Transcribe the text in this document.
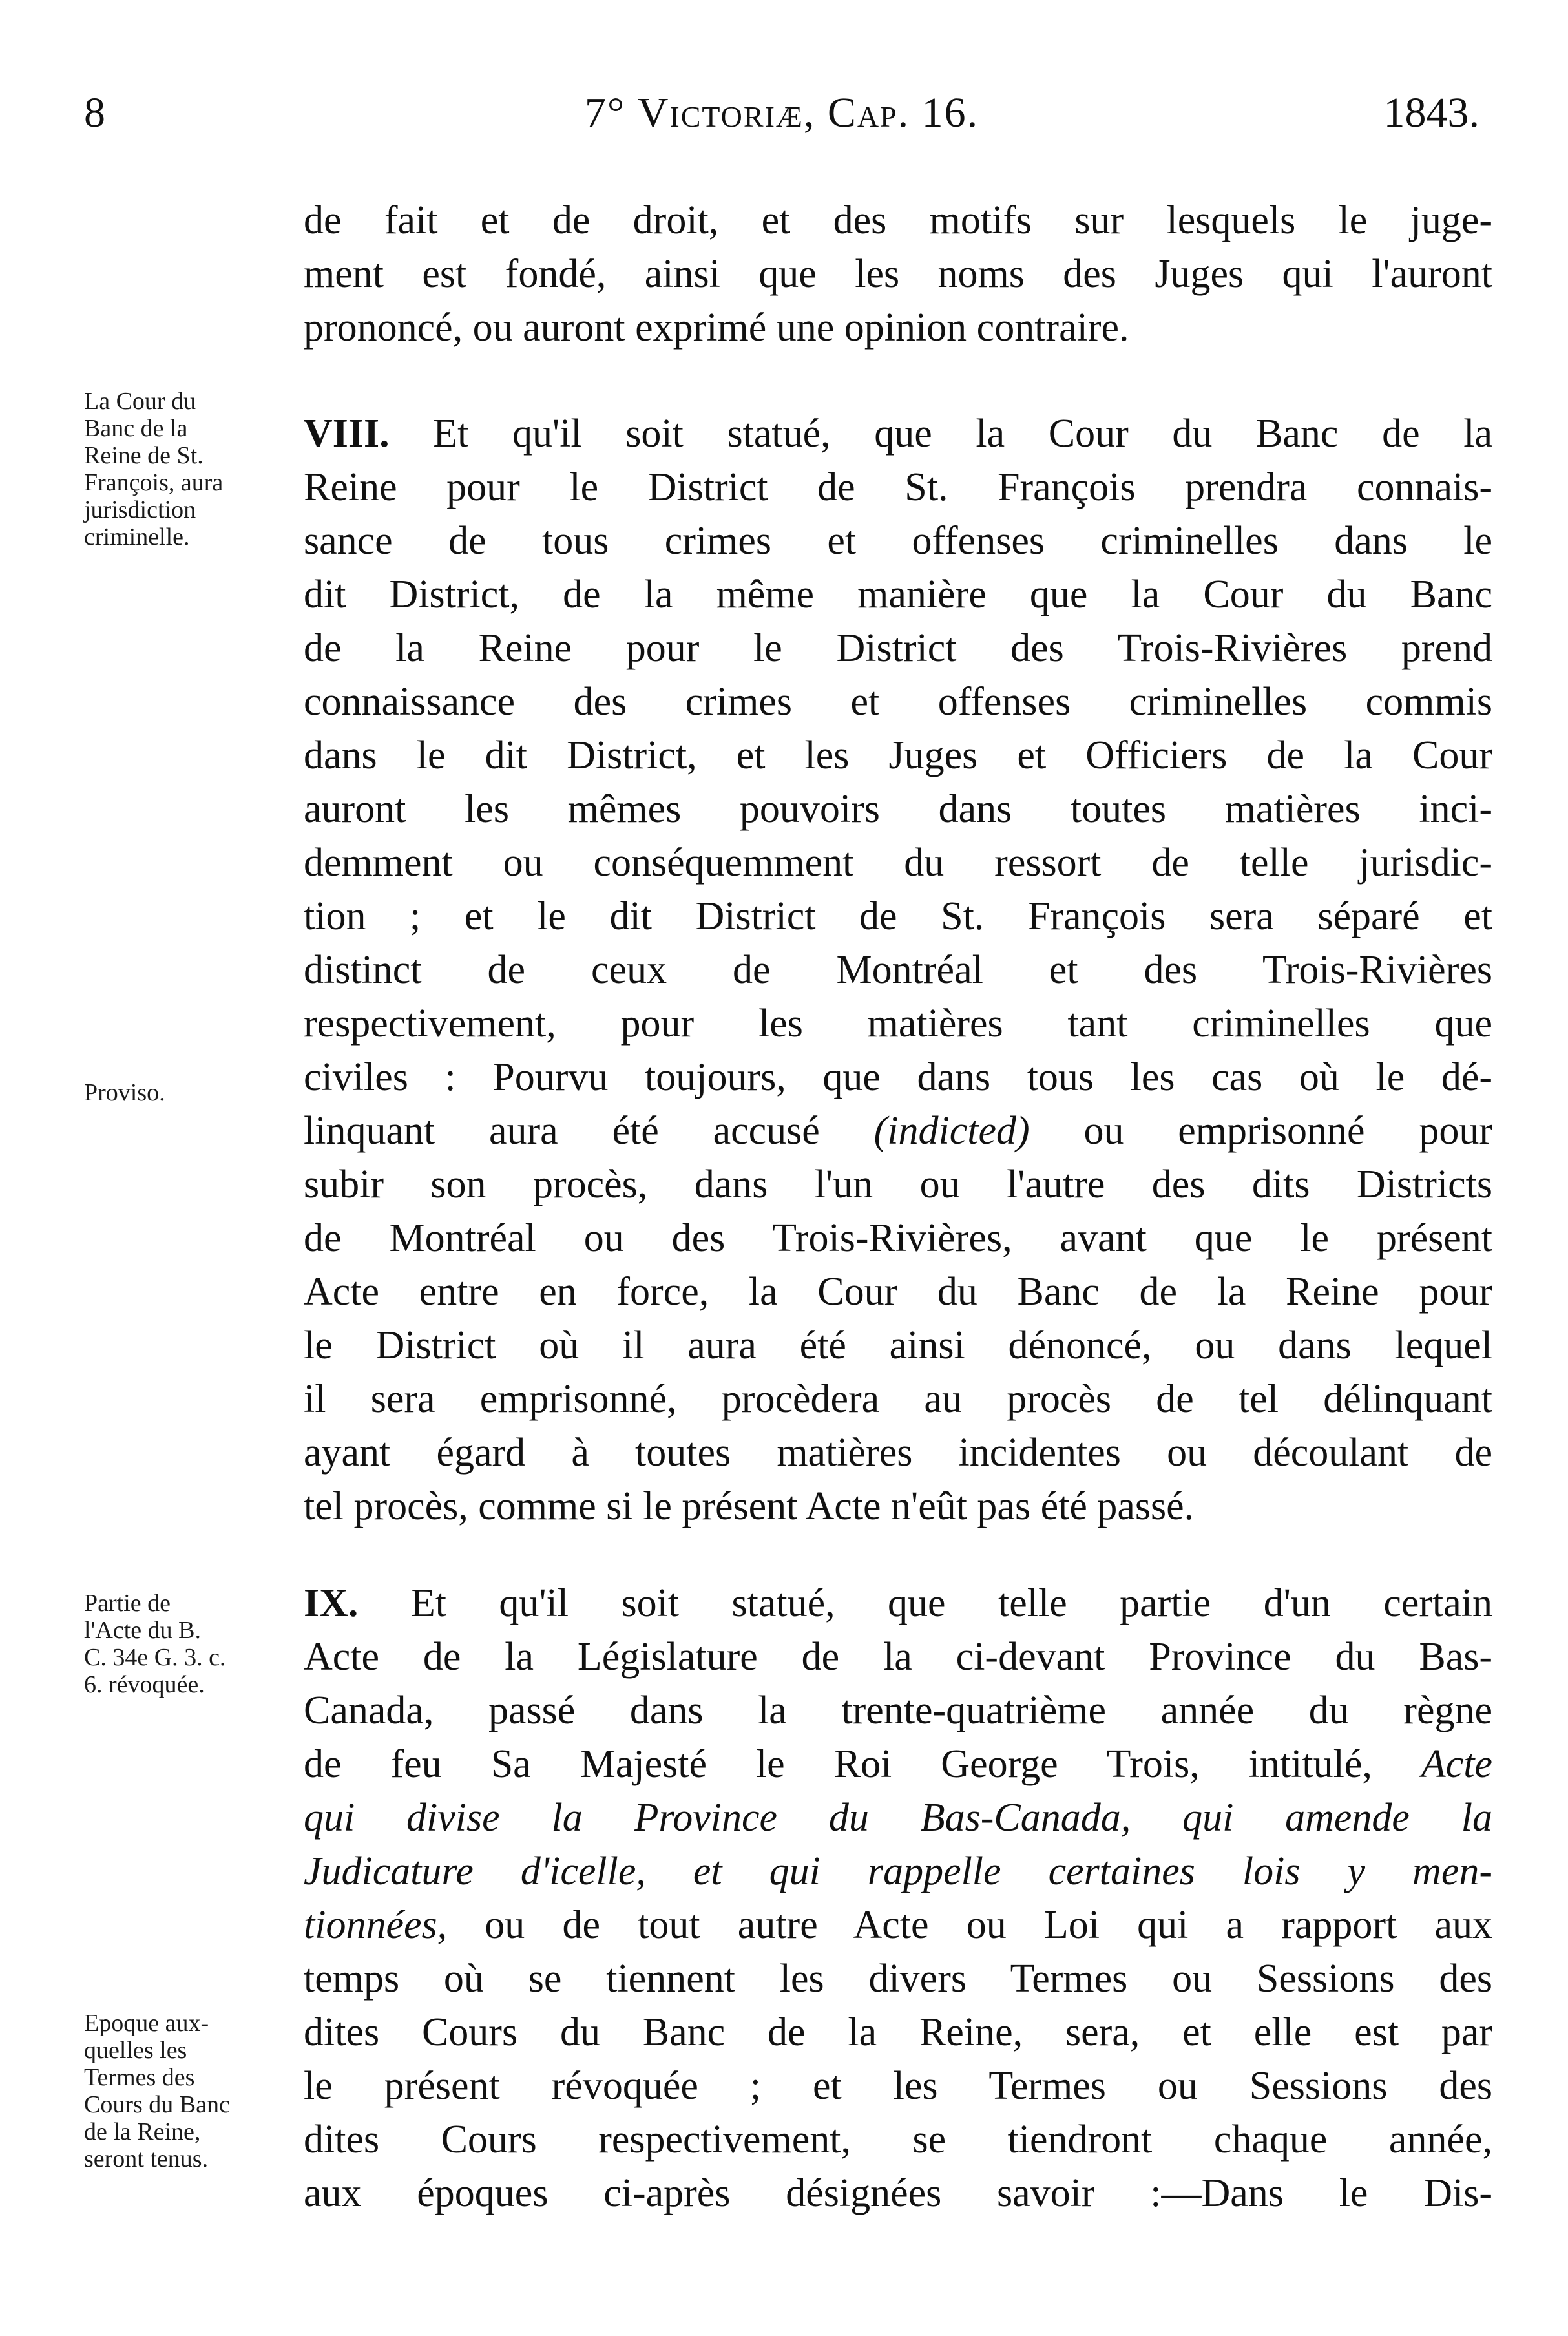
8	7° Victoriæ, Cap. 16.	1843.
de fait et de droit, et des motifs sur lesquels le juge-
ment est fondé, ainsi que les noms des Juges qui l'auront
prononcé, ou auront exprimé une opinion contraire.
La Cour du
Banc de la
Reine de St.
François, aura
jurisdiction
criminelle.
VIII. Et qu'il soit statué, que la Cour du Banc de la
Reine pour le District de St. François prendra connais-
sance de tous crimes et offenses criminelles dans le
dit District, de la même manière que la Cour du Banc
de la Reine pour le District des Trois-Rivières prend
connaissance des crimes et offenses criminelles commis
dans le dit District, et les Juges et Officiers de la Cour
auront les mêmes pouvoirs dans toutes matières inci-
demment ou conséquemment du ressort de telle jurisdic-
tion ; et le dit District de St. François sera séparé et
distinct de ceux de Montréal et des Trois-Rivières
respectivement, pour les matières tant criminelles que
civiles : Pourvu toujours, que dans tous les cas où le dé-
linquant aura été accusé (indicted) ou emprisonné pour
subir son procès, dans l'un ou l'autre des dits Districts
de Montréal ou des Trois-Rivières, avant que le présent
Acte entre en force, la Cour du Banc de la Reine pour
le District où il aura été ainsi dénoncé, ou dans lequel
il sera emprisonné, procèdera au procès de tel délinquant
ayant égard à toutes matières incidentes ou découlant de
tel procès, comme si le présent Acte n'eût pas été passé.
Proviso.
Partie de
l'Acte du B.
C. 34e G. 3. c.
6. révoquée.
IX. Et qu'il soit statué, que telle partie d'un certain
Acte de la Législature de la ci-devant Province du Bas-
Canada, passé dans la trente-quatrième année du règne
de feu Sa Majesté le Roi George Trois, intitulé, Acte
qui divise la Province du Bas-Canada, qui amende la
Judicature d'icelle, et qui rappelle certaines lois y men-
tionnées, ou de tout autre Acte ou Loi qui a rapport aux
temps où se tiennent les divers Termes ou Sessions des
dites Cours du Banc de la Reine, sera, et elle est par
le présent révoquée ; et les Termes ou Sessions des
dites Cours respectivement, se tiendront chaque année,
aux époques ci-après désignées savoir :—Dans le Dis-
Epoque aux-
quelles les
Termes des
Cours du Banc
de la Reine,
seront tenus.
